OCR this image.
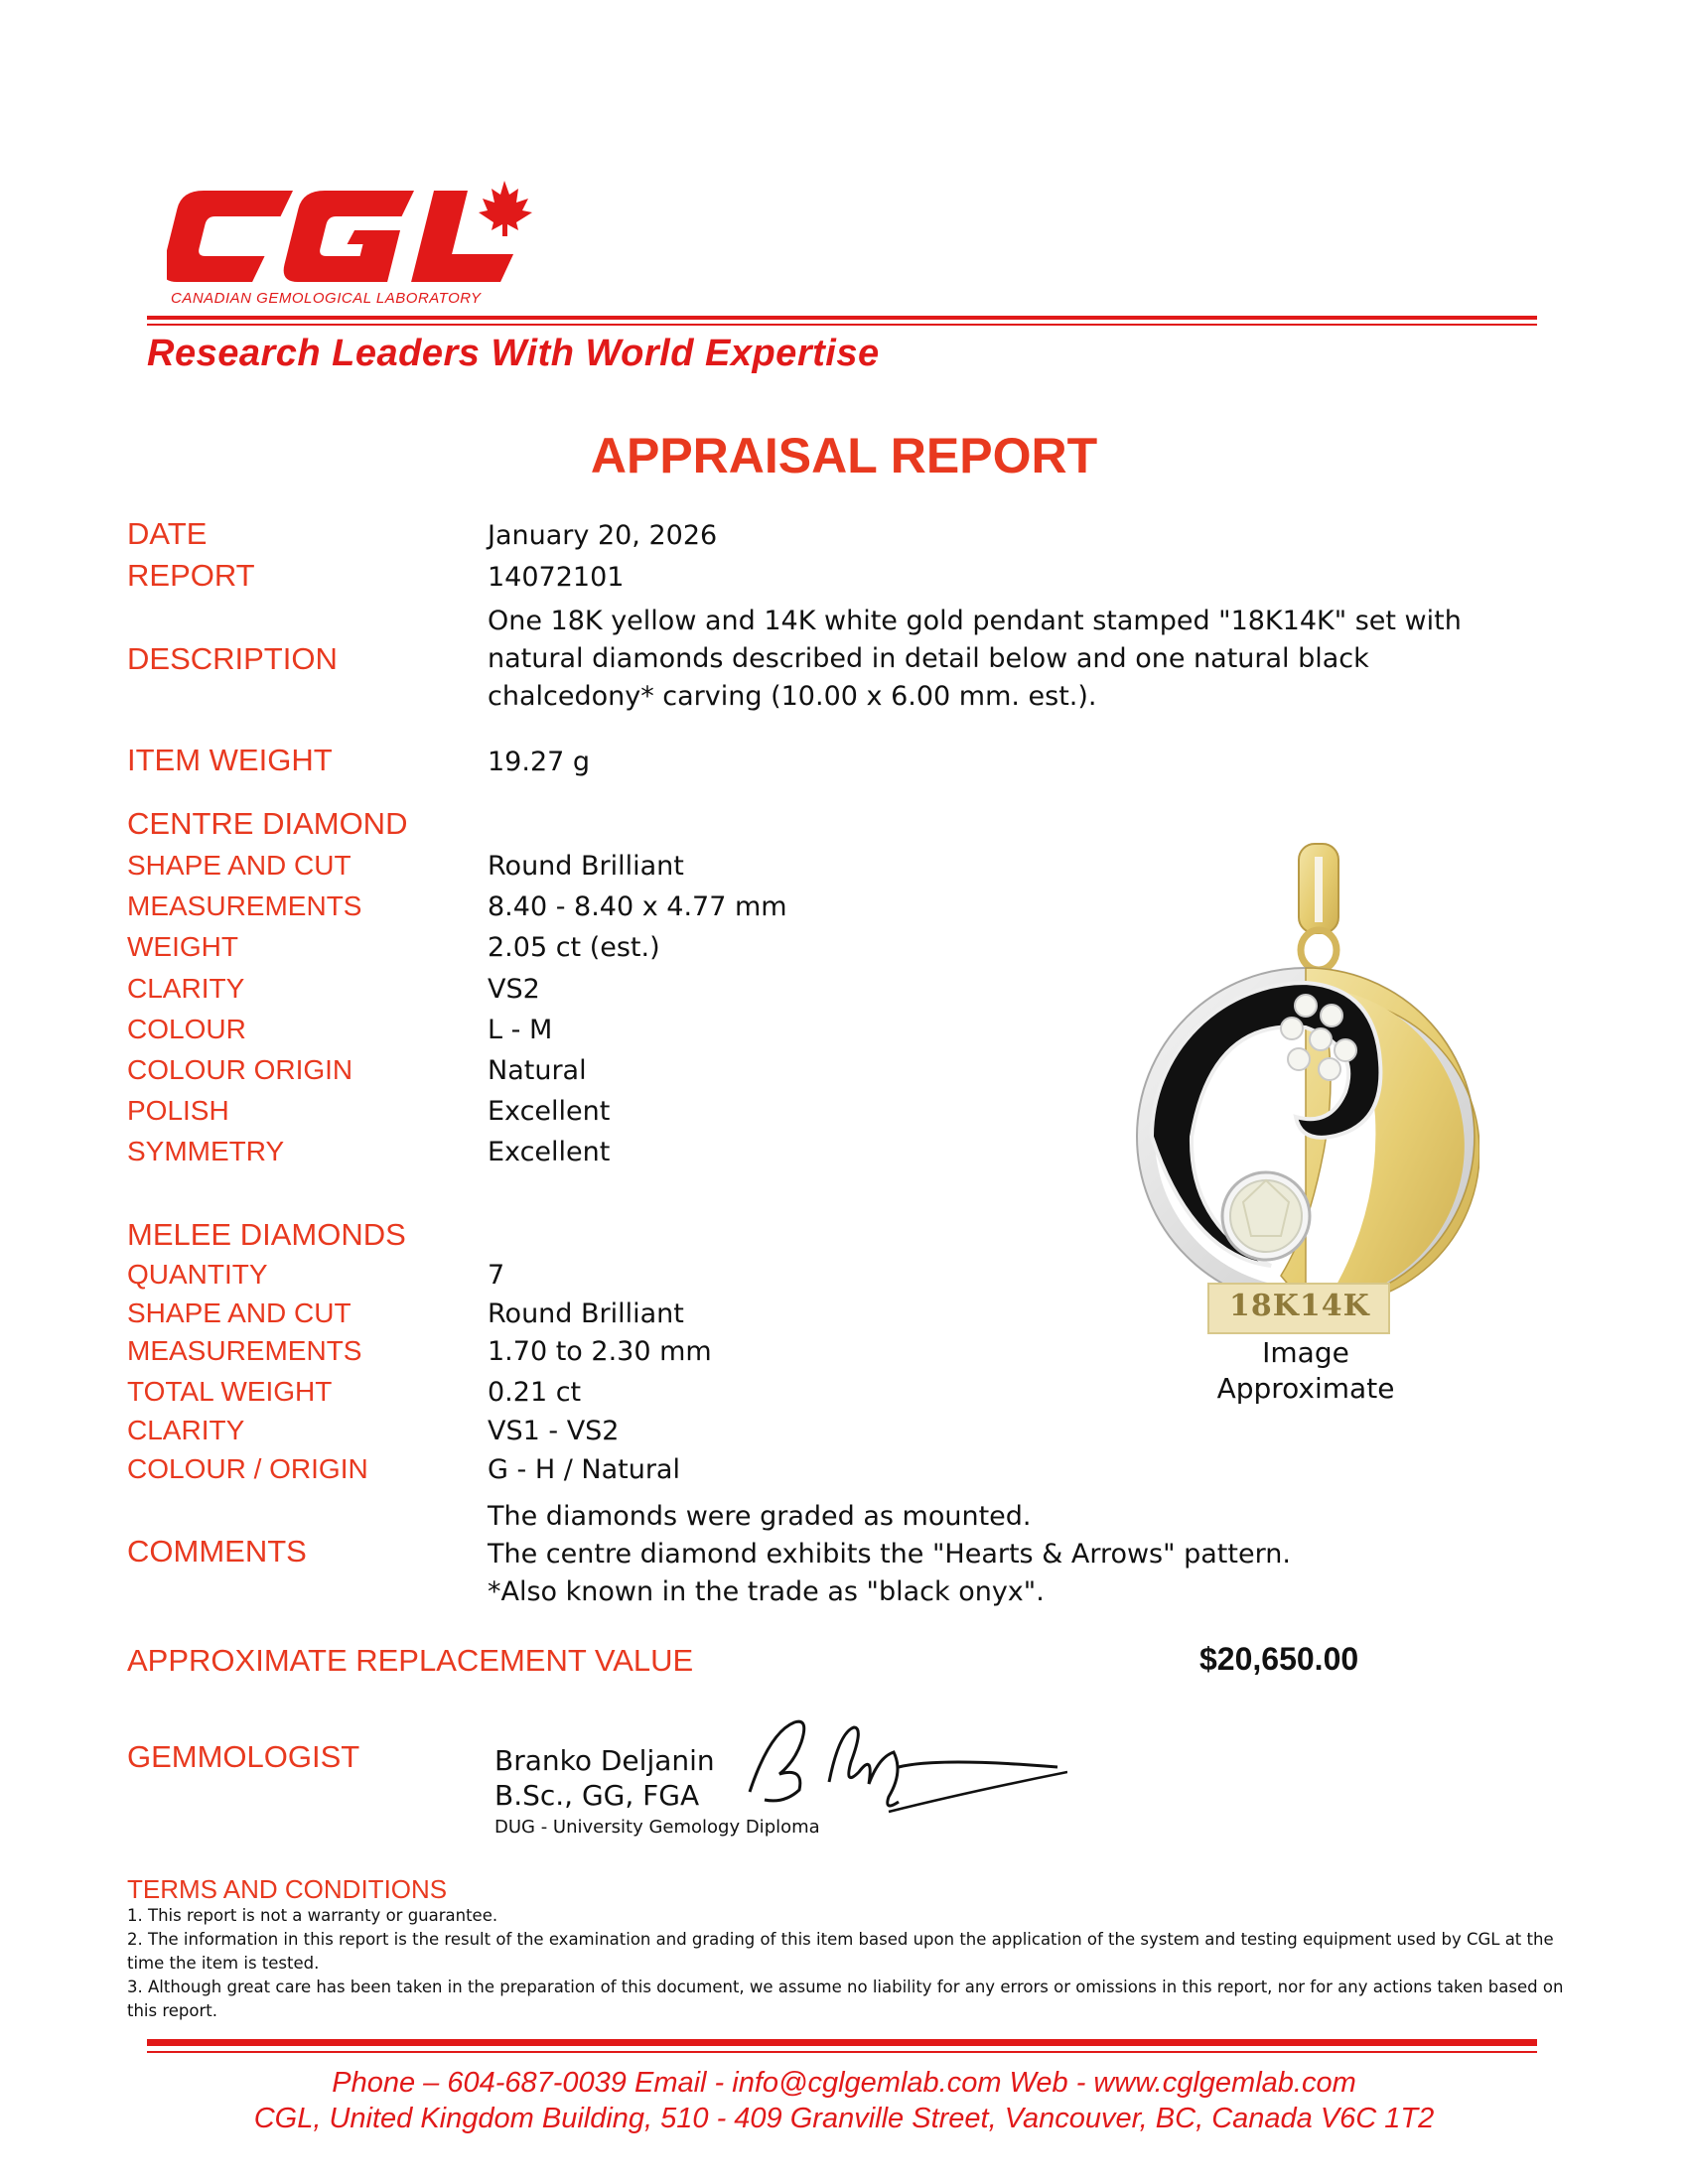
CANADIAN GEMOLOGICAL LABORATORY
Research Leaders With World Expertise
APPRAISAL REPORT
DATE	January 20, 2026
REPORT	14072101
DESCRIPTION
One 18K yellow and 14K white gold pendant stamped "18K14K" set with natural diamonds described in detail below and one natural black chalcedony* carving (10.00 x 6.00 mm. est.).
ITEM WEIGHT	19.27 g
CENTRE DIAMOND
SHAPE AND CUT	Round Brilliant
MEASUREMENTS	8.40 - 8.40 x 4.77 mm
WEIGHT	2.05 ct (est.)
CLARITY	VS2
COLOUR	L - M
COLOUR ORIGIN	Natural
POLISH	Excellent
SYMMETRY	Excellent
MELEE DIAMONDS
QUANTITY	7
SHAPE AND CUT	Round Brilliant
MEASUREMENTS	1.70 to 2.30 mm
TOTAL WEIGHT	0.21 ct
CLARITY	VS1 - VS2
COLOUR / ORIGIN	G - H / Natural
COMMENTS
The diamonds were graded as mounted.
The centre diamond exhibits the "Hearts & Arrows" pattern.
*Also known in the trade as "black onyx".
APPROXIMATE REPLACEMENT VALUE	$20,650.00
18K14K
Image
Approximate
GEMMOLOGIST	Branko Deljanin
B.Sc., GG, FGA
DUG - University Gemology Diploma
TERMS AND CONDITIONS
1. This report is not a warranty or guarantee.
2. The information in this report is the result of the examination and grading of this item based upon the application of the system and testing equipment used by CGL at the time the item is tested.
3. Although great care has been taken in the preparation of this document, we assume no liability for any errors or omissions in this report, nor for any actions taken based on this report.
Phone – 604-687-0039 Email - info@cglgemlab.com Web - www.cglgemlab.com
CGL, United Kingdom Building, 510 - 409 Granville Street, Vancouver, BC, Canada V6C 1T2
